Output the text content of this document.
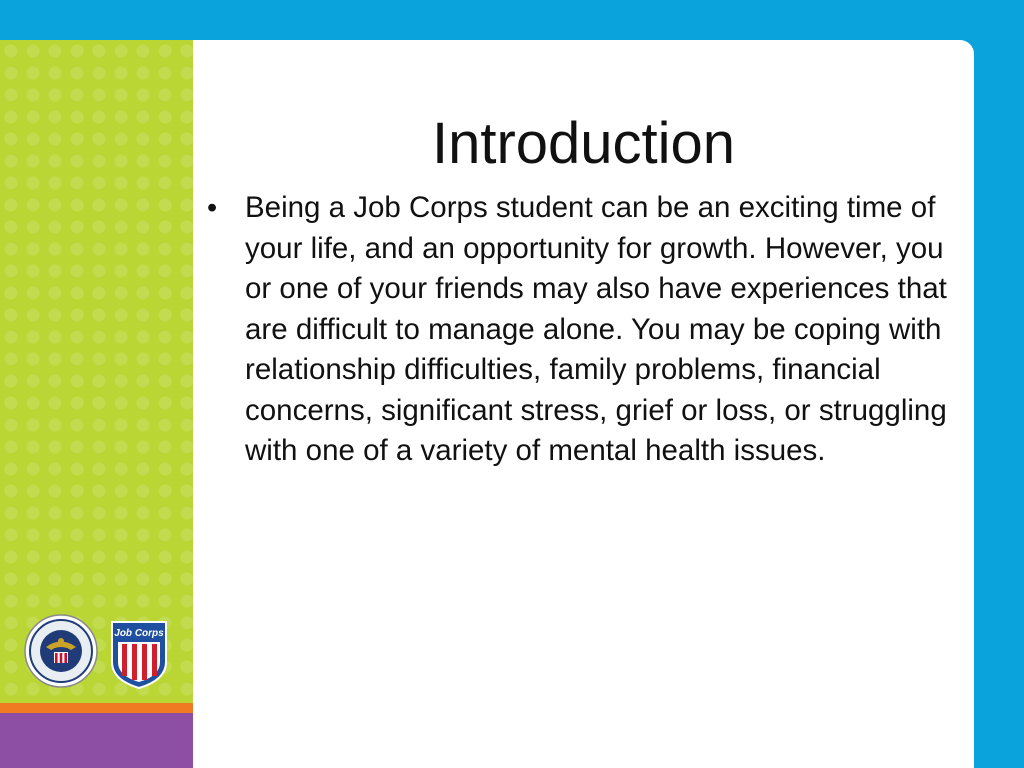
Introduction
• Being a Job Corps student can be an exciting time of your life, and an opportunity for growth. However, you or one of your friends may also have experiences that are difficult to manage alone. You may be coping with relationship difficulties, family problems, financial concerns, significant stress, grief or loss, or struggling with one of a variety of mental health issues.
Job Corps
